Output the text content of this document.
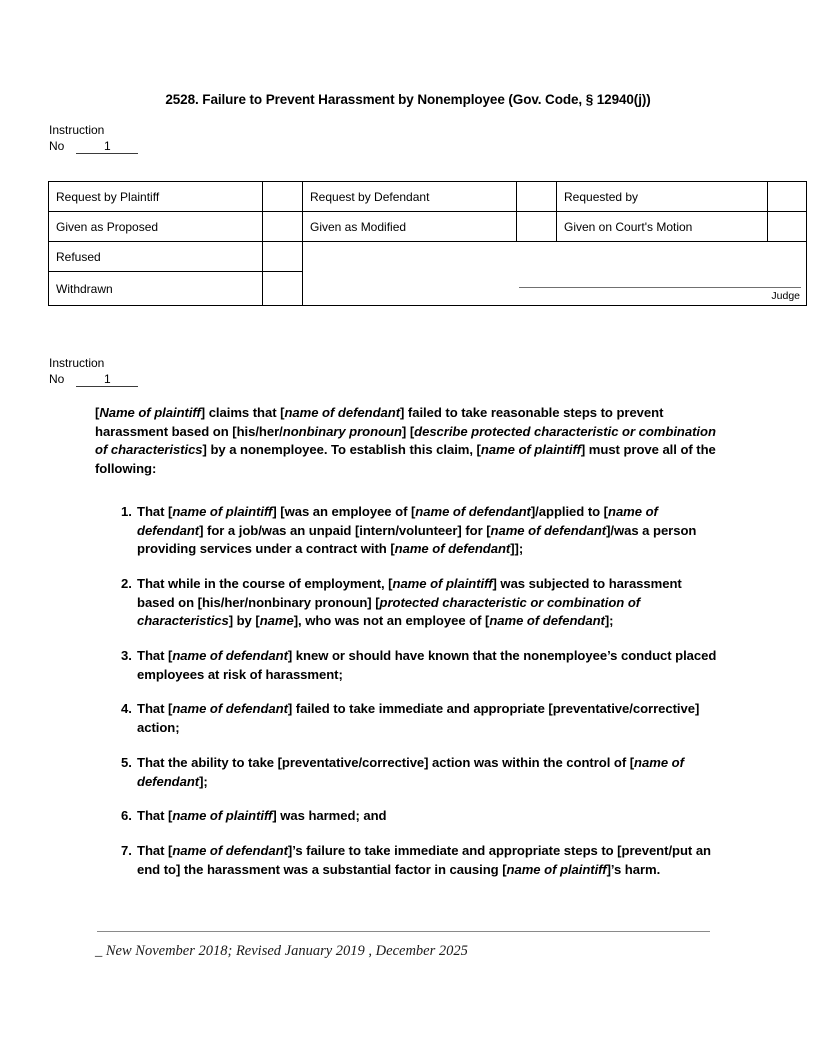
2528. Failure to Prevent Harassment by Nonemployee (Gov. Code, § 12940(j))
Instruction
No	1
Request by Plaintiff		Request by Defendant		Requested by	
Given as Proposed		Given as Modified		Given on Court's Motion	
Refused		Judge			

Withdrawn					
Instruction
No	1

[Name of plaintiff] claims that [name of defendant] failed to take reasonable steps to prevent harassment based on [his/her/nonbinary pronoun] [describe protected characteristic or combination of characteristics] by a nonemployee. To establish this claim, [name of plaintiff] must prove all of the following:

1. That [name of plaintiff] [was an employee of [name of defendant]/applied to [name of defendant] for a job/was an unpaid [intern/volunteer] for [name of defendant]/was a person providing services under a contract with [name of defendant]];
2. That while in the course of employment, [name of plaintiff] was subjected to harassment based on [his/her/nonbinary pronoun] [protected characteristic or combination of characteristics] by [name], who was not an employee of [name of defendant];
3. That [name of defendant] knew or should have known that the nonemployee’s conduct placed employees at risk of harassment;
4. That [name of defendant] failed to take immediate and appropriate [preventative/corrective] action;
5. That the ability to take [preventative/corrective] action was within the control of [name of defendant];
6. That [name of plaintiff] was harmed; and
7. That [name of defendant]’s failure to take immediate and appropriate steps to [prevent/put an end to] the harassment was a substantial factor in causing [name of plaintiff]’s harm.
_ New November 2018; Revised January 2019 , December 2025
